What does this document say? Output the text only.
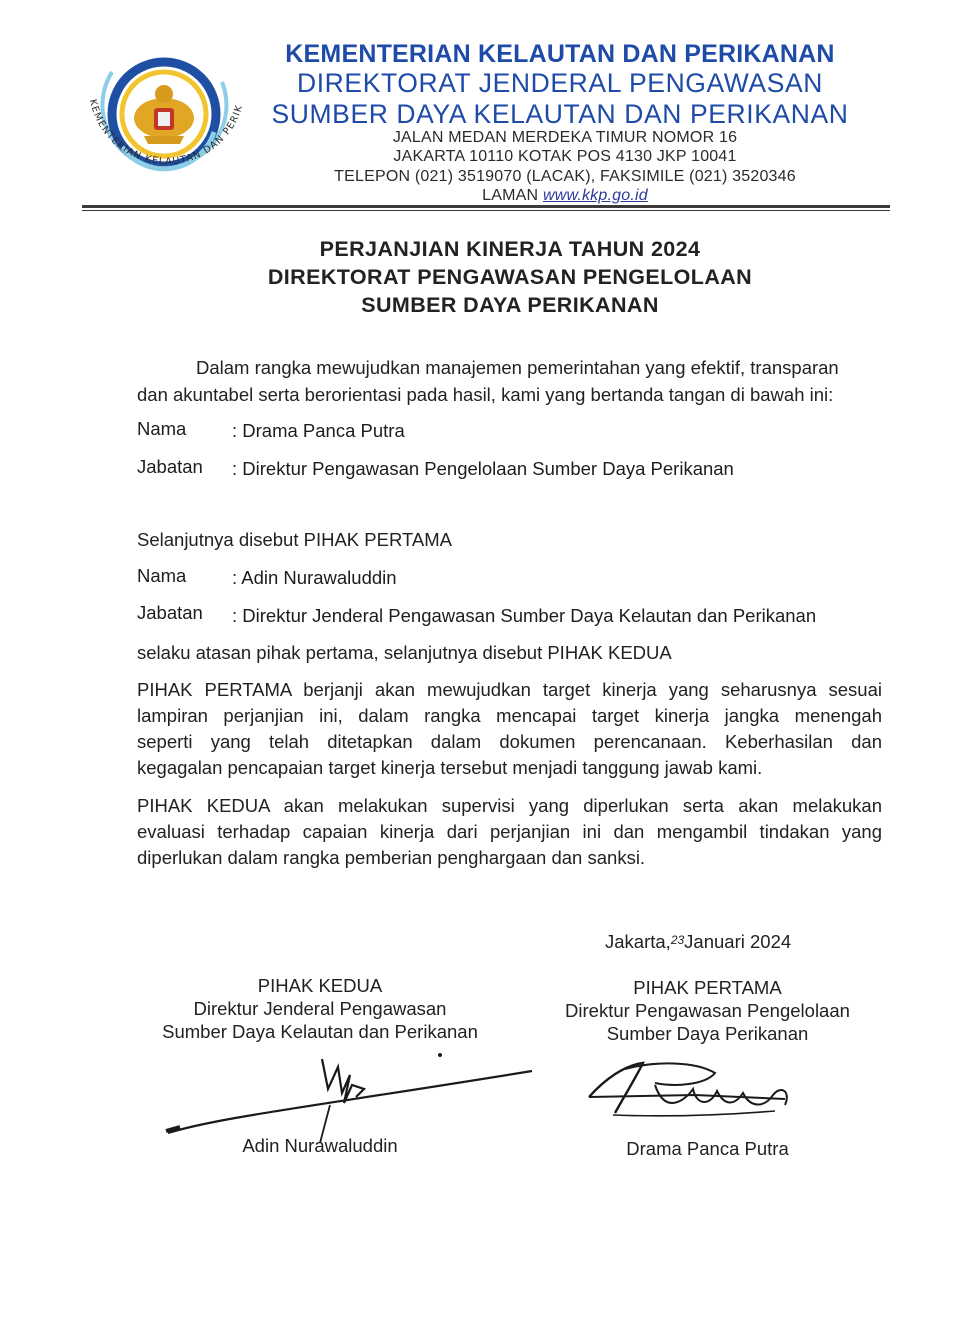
KEMENTERIAN KELAUTAN DAN PERIK
KEMENTERIAN KELAUTAN DAN PERIKANAN
DIREKTORAT JENDERAL PENGAWASAN
SUMBER DAYA KELAUTAN DAN PERIKANAN
JALAN MEDAN MERDEKA TIMUR NOMOR 16
JAKARTA 10110 KOTAK POS 4130 JKP 10041
TELEPON (021) 3519070 (LACAK), FAKSIMILE (021) 3520346
LAMAN www.kkp.go.id
PERJANJIAN KINERJA TAHUN 2024
DIREKTORAT PENGAWASAN PENGELOLAAN
SUMBER DAYA PERIKANAN
Dalam rangka mewujudkan manajemen pemerintahan yang efektif, transparan
dan akuntabel serta berorientasi pada hasil, kami yang bertanda tangan di bawah ini:
Nama : Drama Panca Putra
Jabatan : Direktur Pengawasan Pengelolaan Sumber Daya Perikanan
Selanjutnya disebut PIHAK PERTAMA
Nama : Adin Nurawaluddin
Jabatan : Direktur Jenderal Pengawasan Sumber Daya Kelautan dan Perikanan
selaku atasan pihak pertama, selanjutnya disebut PIHAK KEDUA
PIHAK PERTAMA berjanji akan mewujudkan target kinerja yang seharusnya sesuai
lampiran perjanjian ini, dalam rangka mencapai target kinerja jangka menengah
seperti yang telah ditetapkan dalam dokumen perencanaan. Keberhasilan dan
kegagalan pencapaian target kinerja tersebut menjadi tanggung jawab kami.
PIHAK KEDUA akan melakukan supervisi yang diperlukan serta akan melakukan
evaluasi terhadap capaian kinerja dari perjanjian ini dan mengambil tindakan yang
diperlukan dalam rangka pemberian penghargaan dan sanksi.
Jakarta,$^{23}$Januari 2024
PIHAK KEDUA
Direktur Jenderal Pengawasan
Sumber Daya Kelautan dan Perikanan
Adin Nurawaluddin
PIHAK PERTAMA
Direktur Pengawasan Pengelolaan
Sumber Daya Perikanan
Drama Panca Putra
